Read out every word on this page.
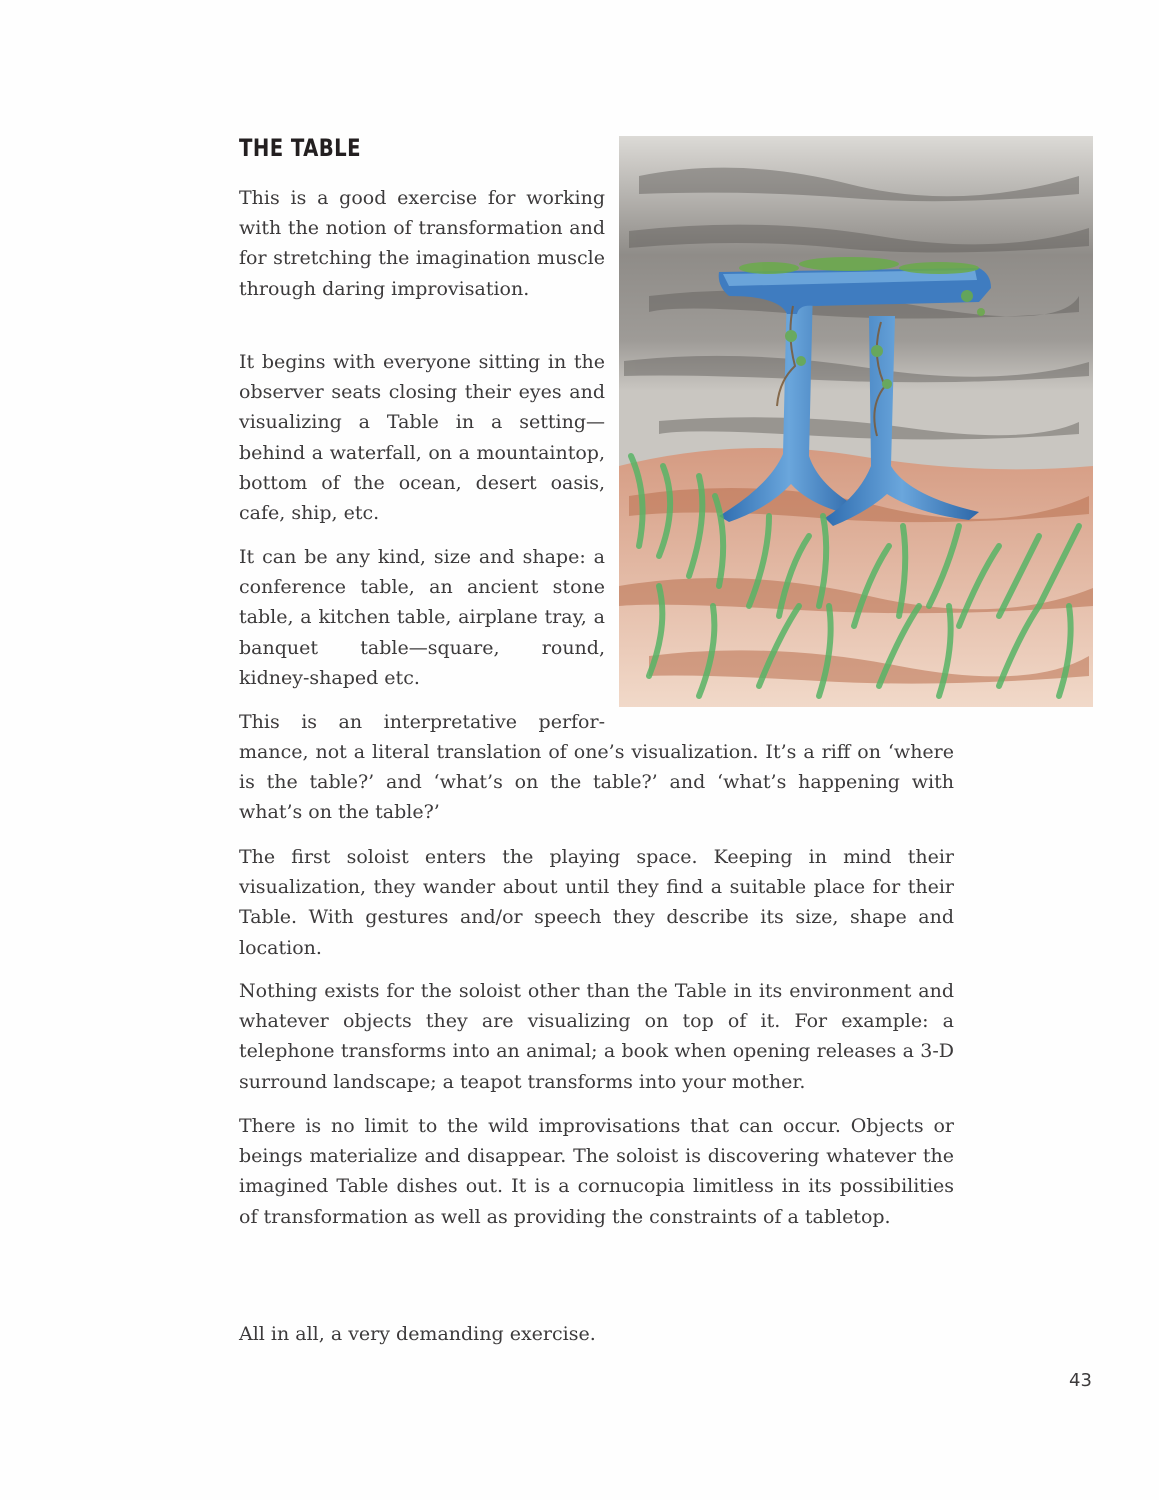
THE TABLE

This is a good exercise for working with the notion of transformation and for stretching the imagination muscle through daring improvisation.

It begins with everyone sitting in the observer seats closing their eyes and visualizing a Table in a setting—behind a waterfall, on a mountaintop, bottom of the ocean, desert oasis, cafe, ship, etc.

It can be any kind, size and shape: a conference table, an ancient stone table, a kitchen table, airplane tray, a banquet table—square, round, kidney-shaped etc.

This is an interpretative perfor-

mance, not a literal translation of one’s visualization. It’s a riff on ‘where is the table?’ and ‘what’s on the table?’ and ‘what’s happening with what’s on the table?’

The first soloist enters the playing space. Keeping in mind their visualization, they wander about until they find a suitable place for their Table. With gestures and/or speech they describe its size, shape and location.

Nothing exists for the soloist other than the Table in its environment and whatever objects they are visualizing on top of it. For example: a telephone transforms into an animal; a book when opening releases a 3-D surround landscape; a teapot transforms into your mother.

There is no limit to the wild improvisations that can occur. Objects or beings materialize and disappear. The soloist is discovering whatever the imagined Table dishes out. It is a cornucopia limitless in its possibilities of transformation as well as providing the constraints of a tabletop.

All in all, a very demanding exercise.

43
